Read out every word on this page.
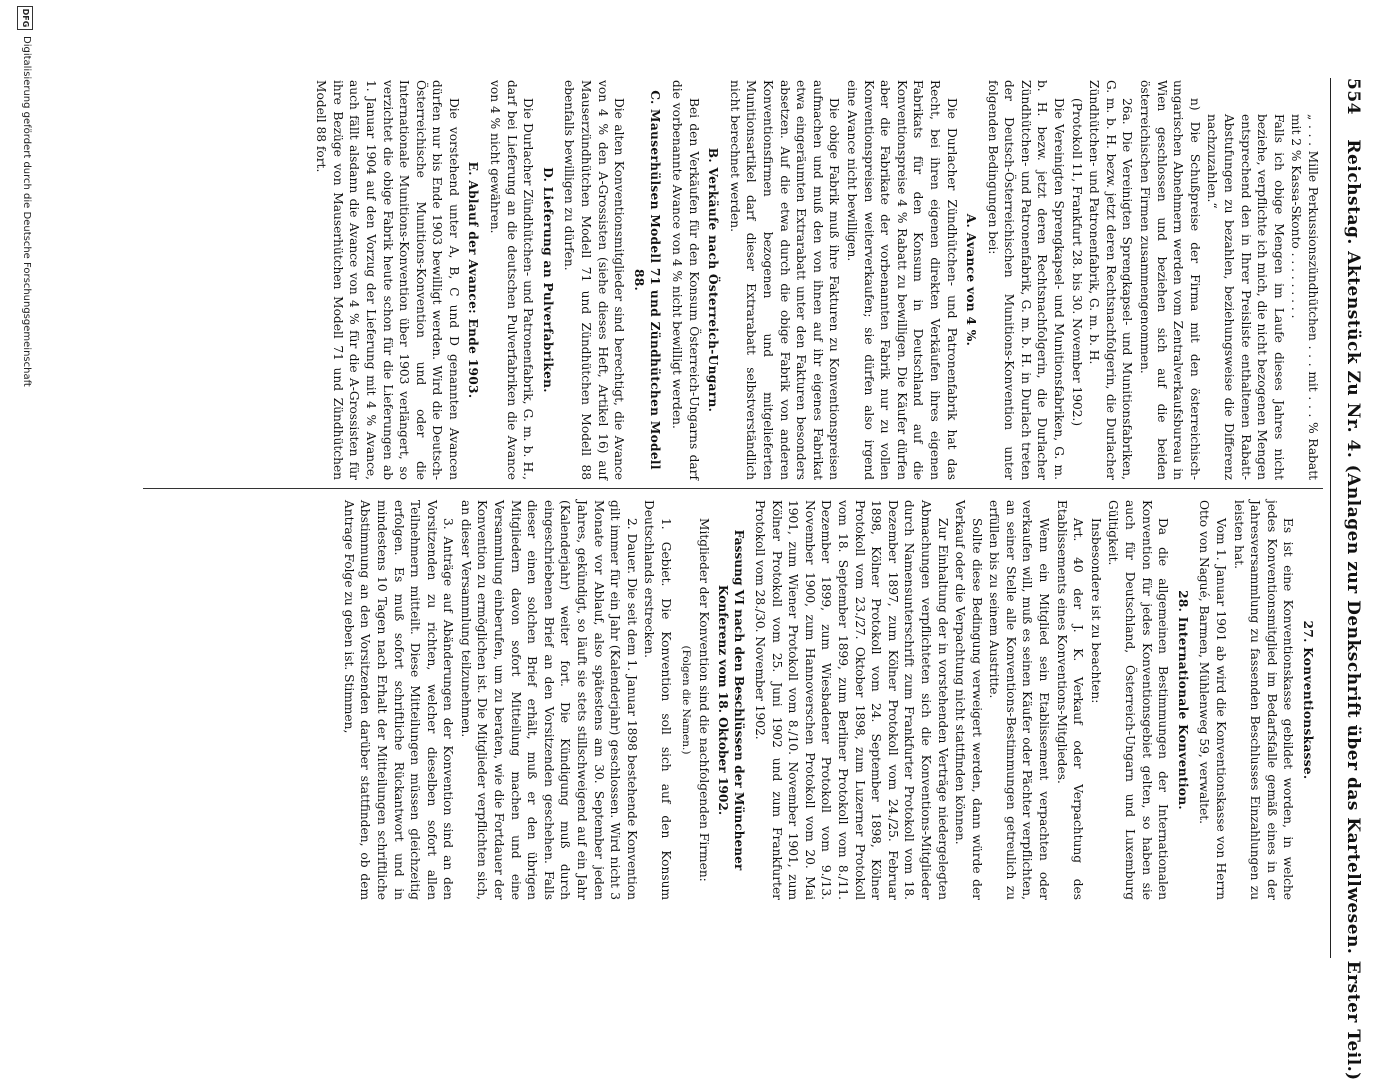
554 Reichstag. Aktenstück Zu Nr. 4. (Anlagen zur Denkschrift über das Kartellwesen. Erster Teil.)

„ . . . Mille Perkussionszündhütchen . . . mit . . . % Rabatt mit 2 % Kassa-Skonto . . . . . . . . .

Falls ich obige Mengen im Laufe dieses Jahres nicht beziehe, verpflichte ich mich, die nicht bezogenen Mengen entsprechend den in Ihrer Preisliste enthaltenen Rabatt-Abstufungen zu bezahlen, beziehungsweise die Differenz nachzuzahlen.“

n) Die Schußpreise der Firma mit den österreichisch-ungarischen Abnehmern werden vom Zentralverkaufsbureau in Wien geschlossen und beziehen sich auf die beiden österreichischen Firmen zusammengenommen.

26a. Die Vereinigten Sprengkapsel- und Munitionsfabriken, G. m. b. H. bezw. jetzt deren Rechtsnachfolgerin, die Durlacher Zündhütchen- und Patronenfabrik, G. m. b. H.

(Protokoll 11, Frankfurt 28. bis 30. November 1902.)

Die Vereinigten Sprengkapsel- und Munitionsfabriken, G. m. b. H. bezw. jetzt deren Rechtsnachfolgerin, die Durlacher Zündhütchen- und Patronenfabrik, G. m. b. H. in Durlach treten der Deutsch-Österreichischen Munitions-Konvention unter folgenden Bedingungen bei:

A. Avance von 4 %.

Die Durlacher Zündhütchen- und Patronenfabrik hat das Recht, bei ihren eigenen direkten Verkäufen ihres eigenen Fabrikats für den Konsum in Deutschland auf die Konventionspreise 4 % Rabatt zu bewilligen. Die Käufer dürfen aber die Fabrikate der vorbenannten Fabrik nur zu vollen Konventionspreisen weiterverkaufen; sie dürfen also irgend eine Avance nicht bewilligen.

Die obige Fabrik muß ihre Fakturen zu Konventionspreisen aufmachen und muß den von ihnen auf ihr eigenes Fabrikat etwa eingeräumten Extrarabatt unter den Fakturen besonders absetzen. Auf die etwa durch die obige Fabrik von anderen Konventionsfirmen bezogenen und mitgelieferten Munitionsartikel darf dieser Extrarabatt selbstverständlich nicht berechnet werden.

B. Verkäufe nach Österreich-Ungarn.

Bei den Verkäufen für den Konsum Österreich-Ungarns darf die vorbenannte Avance von 4 % nicht bewilligt werden.

C. Mauserhülsen Modell 71 und Zündhütchen Modell 88.

Die alten Konventionsmitglieder sind berechtigt, die Avance von 4 % den A-Grossisten (siehe dieses Heft, Artikel 16) auf Mauserzündhütchen Modell 71 und Zündhütchen Modell 88 ebenfalls bewilligen zu dürfen.

D. Lieferung an Pulverfabriken.

Die Durlacher Zündhütchen- und Patronenfabrik, G. m. b. H., darf bei Lieferung an die deutschen Pulverfabriken die Avance von 4 % nicht gewähren.

E. Ablauf der Avance: Ende 1903.

Die vorstehend unter A, B, C und D genannten Avancen dürfen nur bis Ende 1903 bewilligt werden. Wird die Deutsch-Österreichische Munitions-Konvention und oder die Internationale Munitions-Konvention über 1903 verlängert, so verzichtet die obige Fabrik heute schon für die Lieferungen ab 1. Januar 1904 auf den Vorzug der Lieferung mit 4 % Avance, auch fällt alsdann die Avance von 4 % für die A-Grossisten für ihre Bezüge von Mauserhütchen Modell 71 und Zündhütchen Modell 88 fort.

27. Konventionskasse.

Es ist eine Konventionskasse gebildet worden, in welche jedes Konventionsmitglied im Bedarfsfalle gemäß eines in der Jahresversammlung zu fassenden Beschlusses Einzahlungen zu leisten hat.

Vom 1. Januar 1901 ab wird die Konventionskasse von Herrn Otto von Nagué, Barmen, Mühlenweg 59, verwaltet.

28. Internationale Konvention.

Da die allgemeinen Bestimmungen der Internationalen Konvention für jedes Konventionsgebiet gelten, so haben sie auch für Deutschland, Österreich-Ungarn und Luxemburg Gültigkeit.

Insbesondere ist zu beachten:

Art. 40 der J. K. Verkauf oder Verpachtung des Etablissements eines Konventions-Mitgliedes.

Wenn ein Mitglied sein Etablissement verpachten oder verkaufen will, muß es seinen Käufer oder Pächter verpflichten, an seiner Stelle alle Konventions-Bestimmungen getreulich zu erfüllen bis zu seinem Austritte.

Sollte diese Bedingung verweigert werden, dann würde der Verkauf oder die Verpachtung nicht stattfinden können.

Zur Einhaltung der in vorstehenden Verträge niedergelegten Abmachungen verpflichteten sich die Konventions-Mitglieder durch Namensunterschrift zum Frankfurter Protokoll vom 18. Dezember 1897, zum Kölner Protokoll vom 24./25. Februar 1898, Kölner Protokoll vom 24. September 1898, Kölner Protokoll vom 23./27. Oktober 1898, zum Luzerner Protokoll vom 18. September 1899, zum Berliner Protokoll vom 8./11. Dezember 1899, zum Wiesbadener Protokoll vom 9./13. November 1900, zum Hannoverschen Protokoll vom 20. Mai 1901, zum Wiener Protokoll vom 8./10. November 1901, zum Kölner Protokoll vom 25. Juni 1902 und zum Frankfurter Protokoll vom 28./30. November 1902.

Fassung VI nach den Beschlüssen der Münchener Konferenz vom 18. Oktober 1902.

Mitglieder der Konvention sind die nachfolgenden Firmen:

(Folgen die Namen.)

1. Gebiet. Die Konvention soll sich auf den Konsum Deutschlands erstrecken.

2. Dauer. Die seit dem 1. Januar 1898 bestehende Konvention gilt immer für ein Jahr (Kalenderjahr) geschlossen. Wird nicht 3 Monate vor Ablauf, also spätestens am 30. September jeden Jahres, gekündigt, so läuft sie stets stillschweigend auf ein Jahr (Kalenderjahr) weiter fort. Die Kündigung muß durch eingeschriebenen Brief an den Vorsitzenden geschehen. Falls dieser einen solchen Brief erhält, muß er den übrigen Mitgliedern davon sofort Mitteilung machen und eine Versammlung einberufen, um zu beraten, wie die Fortdauer der Konvention zu ermöglichen ist. Die Mitglieder verpflichten sich, an dieser Versammlung teilzunehmen.

3. Anträge auf Abänderungen der Konvention sind an den Vorsitzenden zu richten, welcher dieselben sofort allen Teilnehmern mitteilt. Diese Mitteilungen müssen gleichzeitig erfolgen. Es muß sofort schriftliche Rückantwort und in mindestens 10 Tagen nach Erhalt der Mitteilungen schriftliche Abstimmung an den Vorsitzenden darüber stattfinden, ob dem Antrage Folge zu geben ist. Stimmen,

DFG
Digitalisierung gefördert durch die Deutsche Forschungsgemeinschaft
